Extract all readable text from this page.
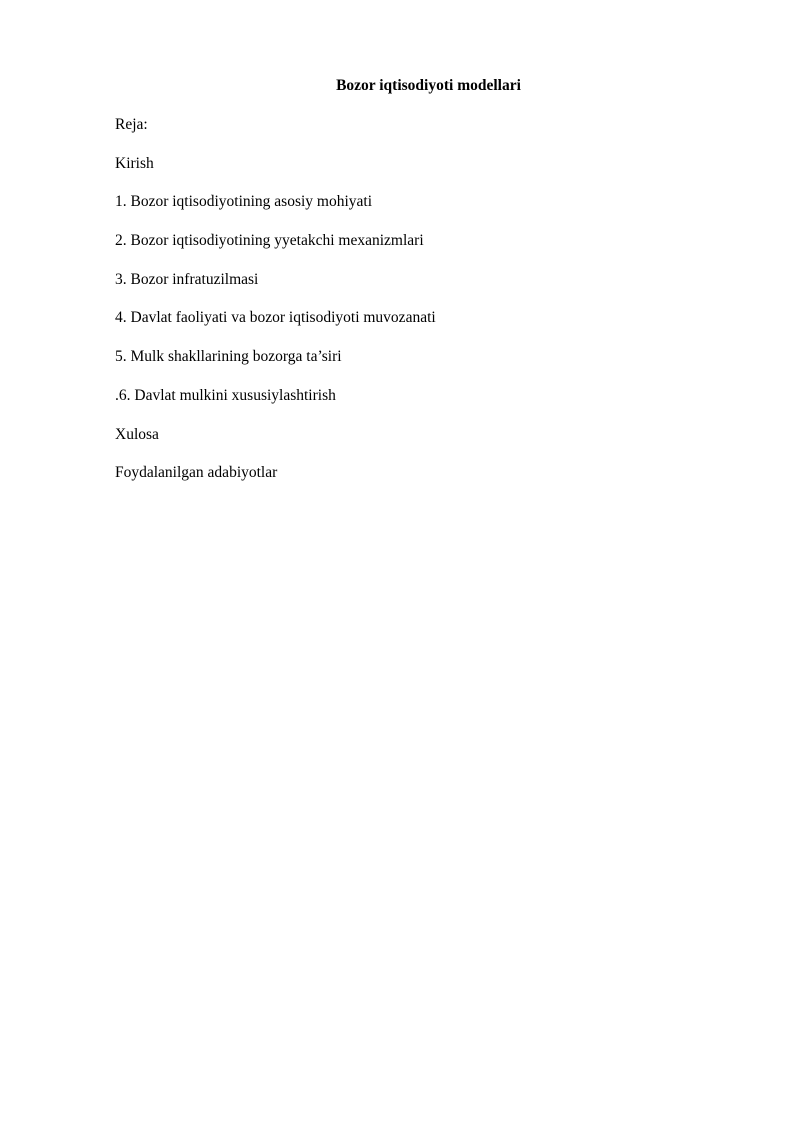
Bozor iqtisodiyoti modellari
Reja:
Kirish
1. Bozor iqtisodiyotining asosiy mohiyati
2. Bozor iqtisodiyotining yyetakchi mexanizmlari
3. Bozor infratuzilmasi
4. Davlat faoliyati va bozor iqtisodiyoti muvozanati
5. Mulk shakllarining bozorga ta’siri
.6. Davlat mulkini xususiylashtirish
Xulosa
Foydalanilgan adabiyotlar
